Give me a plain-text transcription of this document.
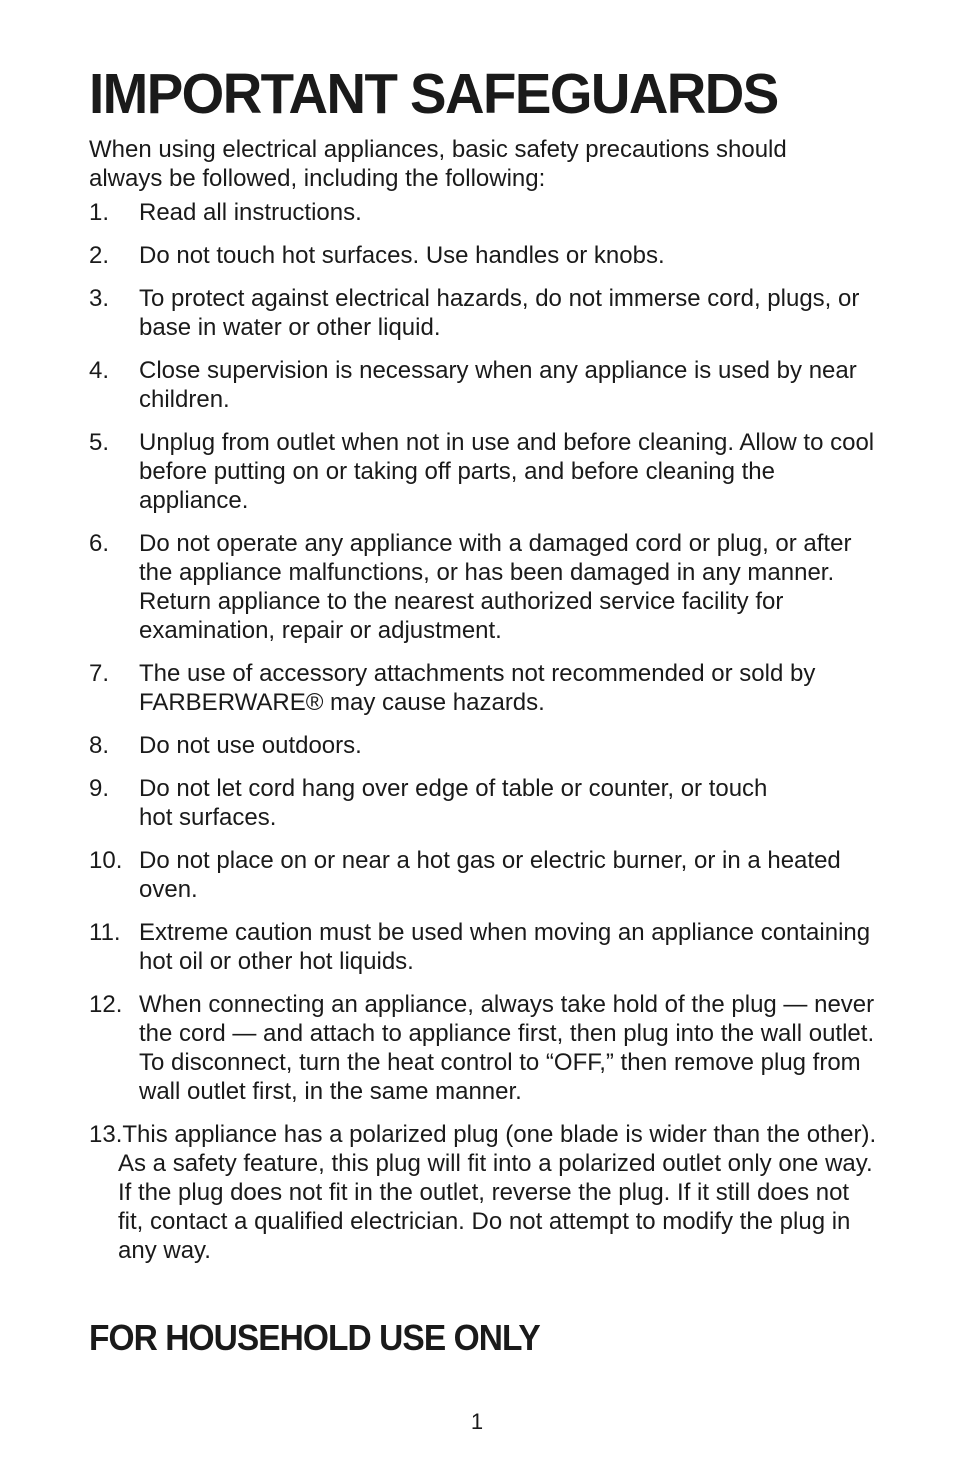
IMPORTANT SAFEGUARDS

When using electrical appliances, basic safety precautions should always be followed, including the following:

1. Read all instructions.
2. Do not touch hot surfaces. Use handles or knobs.
3. To protect against electrical hazards, do not immerse cord, plugs, or base in water or other liquid.
4. Close supervision is necessary when any appliance is used by near children.
5. Unplug from outlet when not in use and before cleaning. Allow to cool before putting on or taking off parts, and before cleaning the appliance.
6. Do not operate any appliance with a damaged cord or plug, or after the appliance malfunctions, or has been damaged in any manner. Return appliance to the nearest authorized service facility for examination, repair or adjustment.
7. The use of accessory attachments not recommended or sold by FARBERWARE® may cause hazards.
8. Do not use outdoors.
9. Do not let cord hang over edge of table or counter, or touch hot surfaces.
10. Do not place on or near a hot gas or electric burner, or in a heated oven.
11. Extreme caution must be used when moving an appliance containing hot oil or other hot liquids.
12. When connecting an appliance, always take hold of the plug — never the cord — and attach to appliance first, then plug into the wall outlet. To disconnect, turn the heat control to “OFF,” then remove plug from wall outlet first, in the same manner.
13.This appliance has a polarized plug (one blade is wider than the other). As a safety feature, this plug will fit into a polarized outlet only one way. If the plug does not fit in the outlet, reverse the plug. If it still does not fit, contact a qualified electrician. Do not attempt to modify the plug in any way.
FOR HOUSEHOLD USE ONLY
1
